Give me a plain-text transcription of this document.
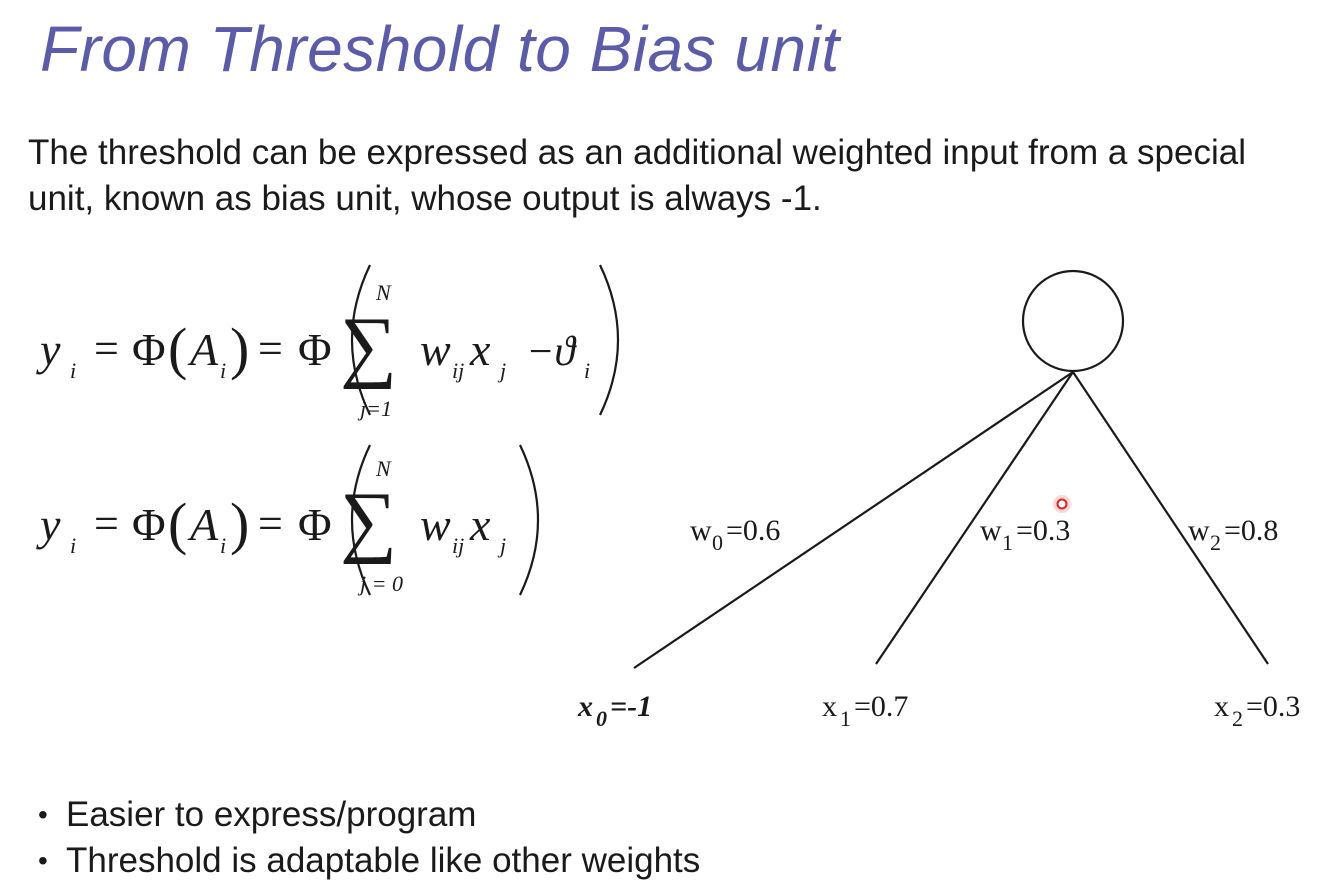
From Threshold to Bias unit
The threshold can be expressed as an additional weighted input from a special unit, known as bias unit, whose output is always -1.
y i = Φ ( A i ) = Φ
N
∑
j=1
w ij x j −ϑ i
y i = Φ ( A i ) = Φ
N
∑
j = 0
w ij x j	w 0 =0.6	w 1 =0.3	w 2 =0.8
x 0 =-1	x 1 =0.7	x 2 =0.3
• Easier to express/program
• Threshold is adaptable like other weights
